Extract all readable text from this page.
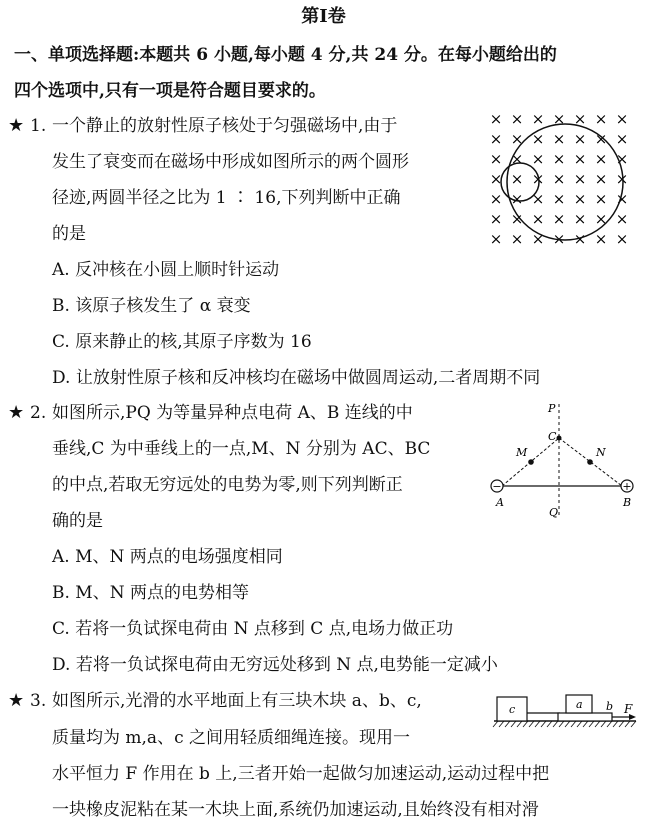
第Ⅰ卷
一、单项选择题:本题共 6 小题,每小题 4 分,共 24 分。在每小题给出的
四个选项中,只有一项是符合题目要求的。
★ 1. 一个静止的放射性原子核处于匀强磁场中,由于
发生了衰变而在磁场中形成如图所示的两个圆形
径迹,两圆半径之比为 1 ∶ 16,下列判断中正确
的是
A. 反冲核在小圆上顺时针运动
B. 该原子核发生了 α 衰变
C. 原来静止的核,其原子序数为 16
D. 让放射性原子核和反冲核均在磁场中做圆周运动,二者周期不同
× × × × × × ×
× × × × × × ×
× × × × × × ×
× × × × × × ×
× × × × × × ×
× × × × × × ×
× × × × × × ×
★ 2. 如图所示,PQ 为等量异种点电荷 A、B 连线的中
垂线,C 为中垂线上的一点,M、N 分别为 AC、BC
的中点,若取无穷远处的电势为零,则下列判断正
确的是
A. M、N 两点的电场强度相同
B. M、N 两点的电势相等
C. 若将一负试探电荷由 N 点移到 C 点,电场力做正功
D. 若将一负试探电荷由无穷远处移到 N 点,电势能一定减小
−	+
P
Q
C
M	N
A	B
★ 3. 如图所示,光滑的水平地面上有三块木块 a、b、c,
质量均为 m,a、c 之间用轻质细绳连接。现用一
水平恒力 F 作用在 b 上,三者开始一起做匀加速运动,运动过程中把
一块橡皮泥粘在某一木块上面,系统仍加速运动,且始终没有相对滑
c	a b F
